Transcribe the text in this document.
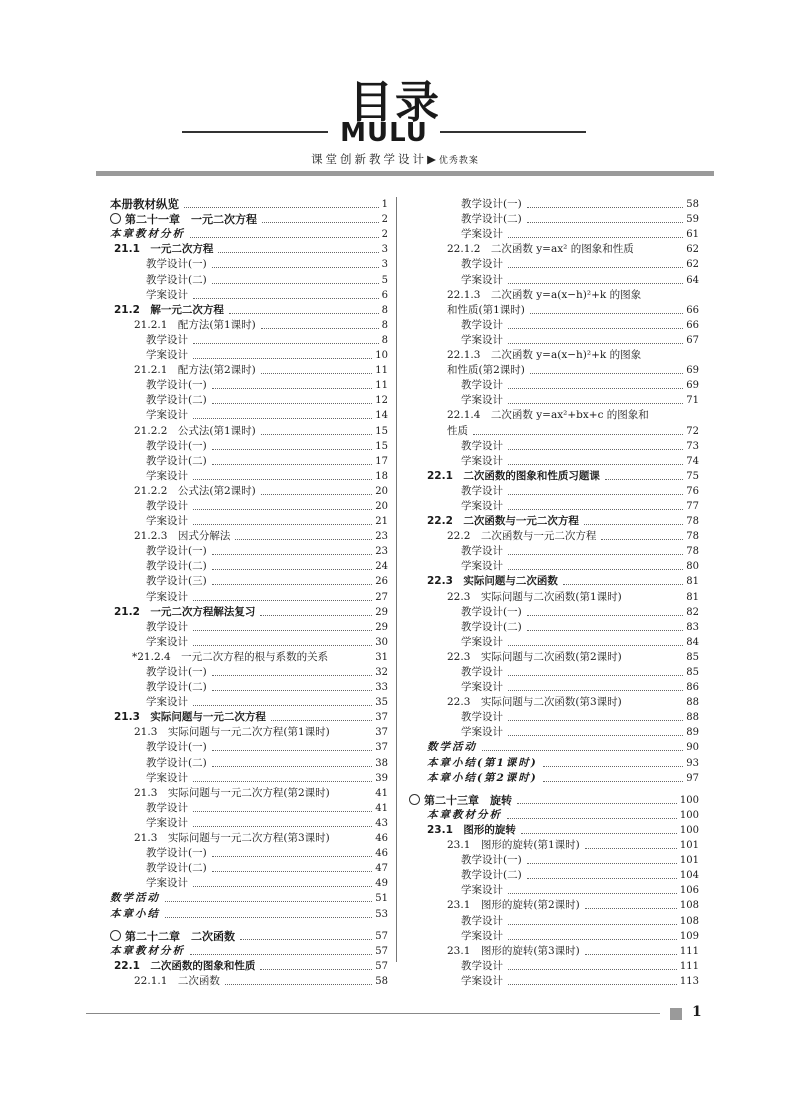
目录
MULU
课堂创新教学设计▶优秀教案
本册教材纵览	1
第二十一章　一元二次方程	2
本章教材分析	2
21.1　一元二次方程	3
教学设计(一)	3
教学设计(二)	5
学案设计	6
21.2　解一元二次方程	8
21.2.1　配方法(第1课时)	8
教学设计	8
学案设计	10
21.2.1　配方法(第2课时)	11
教学设计(一)	11
教学设计(二)	12
学案设计	14
21.2.2　公式法(第1课时)	15
教学设计(一)	15
教学设计(二)	17
学案设计	18
21.2.2　公式法(第2课时)	20
教学设计	20
学案设计	21
21.2.3　因式分解法	23
教学设计(一)	23
教学设计(二)	24
教学设计(三)	26
学案设计	27
21.2　一元二次方程解法复习	29
教学设计	29
学案设计	30
*21.2.4　一元二次方程的根与系数的关系	31
教学设计(一)	32
教学设计(二)	33
学案设计	35
21.3　实际问题与一元二次方程	37
21.3　实际问题与一元二次方程(第1课时)	37
教学设计(一)	37
教学设计(二)	38
学案设计	39
21.3　实际问题与一元二次方程(第2课时)	41
教学设计	41
学案设计	43
21.3　实际问题与一元二次方程(第3课时)	46
教学设计(一)	46
教学设计(二)	47
学案设计	49
数学活动	51
本章小结	53
第二十二章　二次函数	57
本章教材分析	57
22.1　二次函数的图象和性质	57
22.1.1　二次函数	58
教学设计(一)	58
教学设计(二)	59
学案设计	61
22.1.2　二次函数 y=ax² 的图象和性质	62
教学设计	62
学案设计	64
22.1.3　二次函数 y=a(x−h)²+k 的图象
和性质(第1课时)	66
教学设计	66
学案设计	67
22.1.3　二次函数 y=a(x−h)²+k 的图象
和性质(第2课时)	69
教学设计	69
学案设计	71
22.1.4　二次函数 y=ax²+bx+c 的图象和
性质	72
教学设计	73
学案设计	74
22.1　二次函数的图象和性质习题课	75
教学设计	76
学案设计	77
22.2　二次函数与一元二次方程	78
22.2　二次函数与一元二次方程	78
教学设计	78
学案设计	80
22.3　实际问题与二次函数	81
22.3　实际问题与二次函数(第1课时)	81
教学设计(一)	82
教学设计(二)	83
学案设计	84
22.3　实际问题与二次函数(第2课时)	85
教学设计	85
学案设计	86
22.3　实际问题与二次函数(第3课时)	88
教学设计	88
学案设计	89
数学活动	90
本章小结(第1课时)	93
本章小结(第2课时)	97
第二十三章　旋转	100
本章教材分析	100
23.1　图形的旋转	100
23.1　图形的旋转(第1课时)	101
教学设计(一)	101
教学设计(二)	104
学案设计	106
23.1　图形的旋转(第2课时)	108
教学设计	108
学案设计	109
23.1　图形的旋转(第3课时)	111
教学设计	111
学案设计	113
1
